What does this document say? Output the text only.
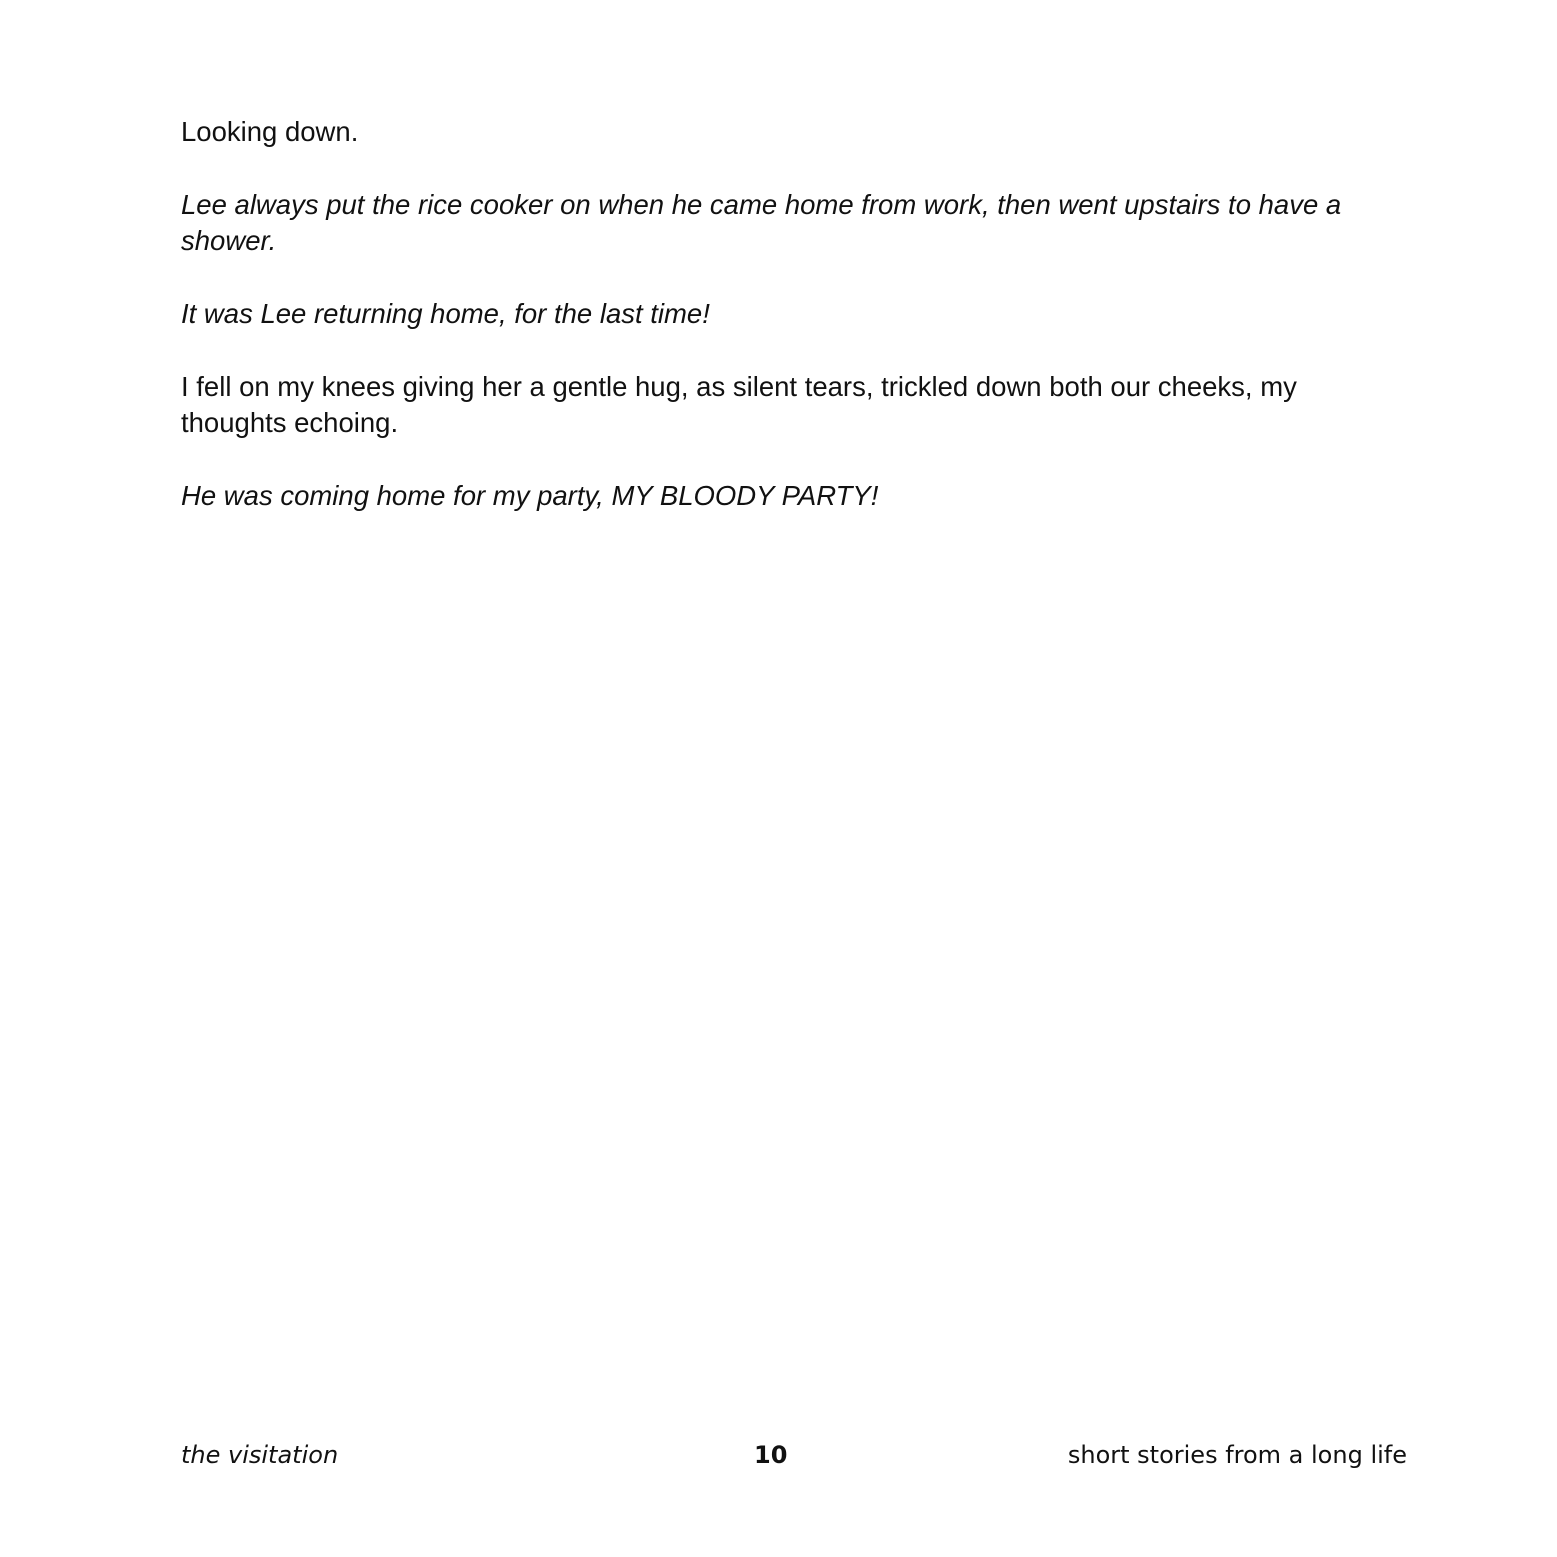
Looking down.

Lee always put the rice cooker on when he came home from work, then went upstairs to have a shower.

It was Lee returning home, for the last time!

I fell on my knees giving her a gentle hug, as silent tears, trickled down both our cheeks, my thoughts echoing.

He was coming home for my party, MY BLOODY PARTY!

the visitation	10	short stories from a long life
